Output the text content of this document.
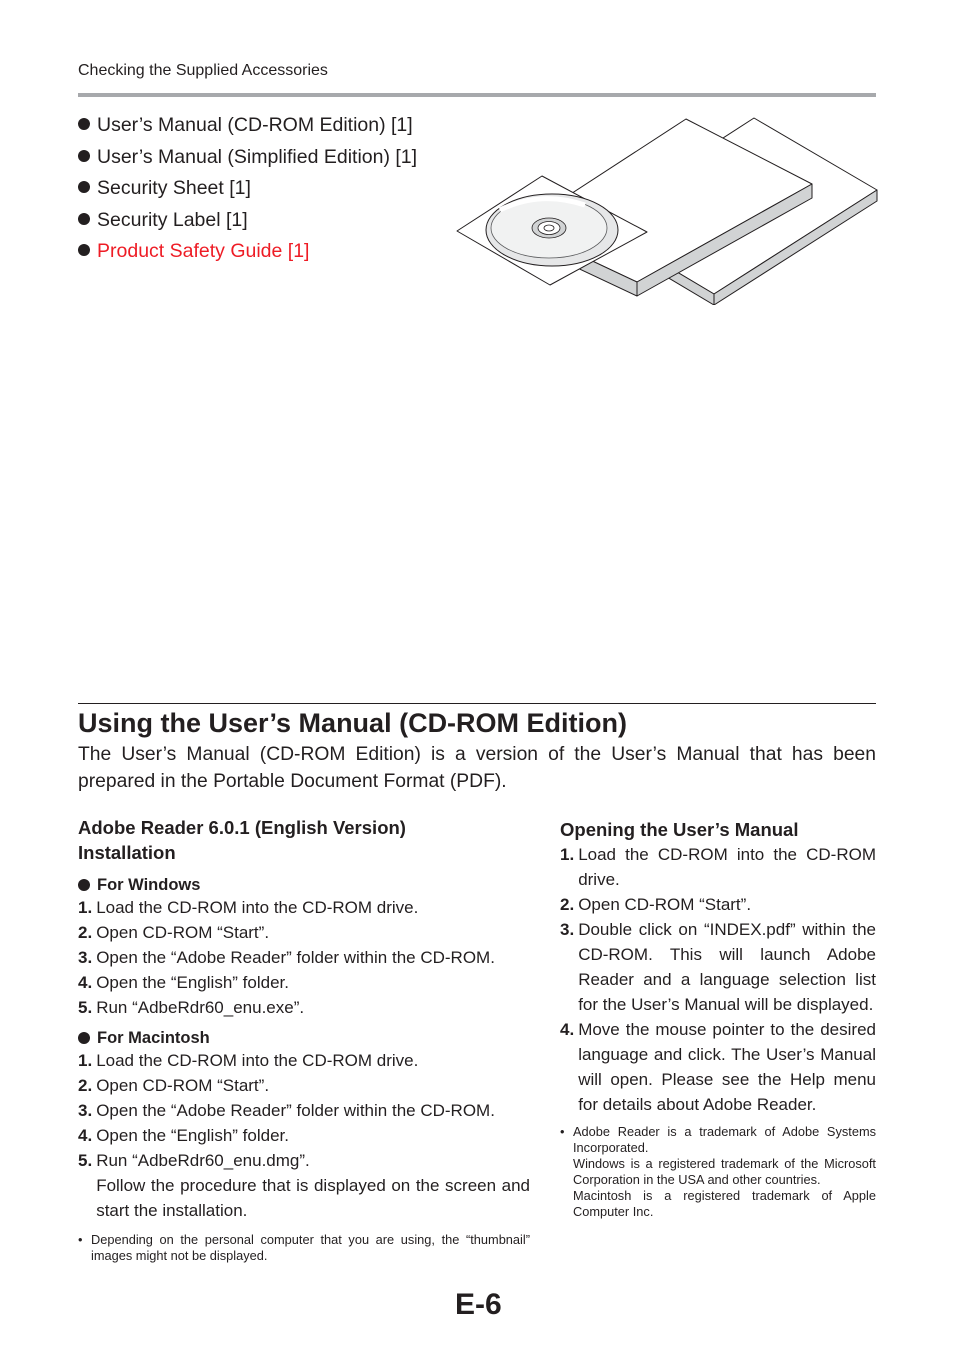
Checking the Supplied Accessories
User’s Manual (CD-ROM Edition) [1]
User’s Manual (Simplified Edition) [1]
Security Sheet [1]
Security Label [1]
Product Safety Guide [1]
Using the User’s Manual (CD-ROM Edition)
The User’s Manual (CD-ROM Edition) is a version of the User’s Manual that has been prepared in the Portable Document Format (PDF).
Adobe Reader 6.0.1 (English Version)
Installation
For Windows
1. Load the CD-ROM into the CD-ROM drive.
2. Open CD-ROM “Start”.
3. Open the “Adobe Reader” folder within the CD-ROM.
4. Open the “English” folder.
5. Run “AdbeRdr60_enu.exe”.
For Macintosh
1. Load the CD-ROM into the CD-ROM drive.
2. Open CD-ROM “Start”.
3. Open the “Adobe Reader” folder within the CD-ROM.
4. Open the “English” folder.
5. Run “AdbeRdr60_enu.dmg”.
Follow the procedure that is displayed on the screen and start the installation.
• Depending on the personal computer that you are using, the “thumbnail” images might not be displayed.
Opening the User’s Manual
1. Load the CD-ROM into the CD-ROM drive.
2. Open CD-ROM “Start”.
3. Double click on “INDEX.pdf” within the CD-ROM. This will launch Adobe Reader and a language selection list for the User’s Manual will be displayed.
4. Move the mouse pointer to the desired language and click. The User’s Manual will open. Please see the Help menu for details about Adobe Reader.
• Adobe Reader is a trademark of Adobe Systems Incorporated.
Windows is a registered trademark of the Microsoft Corporation in the USA and other countries.
Macintosh is a registered trademark of Apple Computer Inc.
E-6
